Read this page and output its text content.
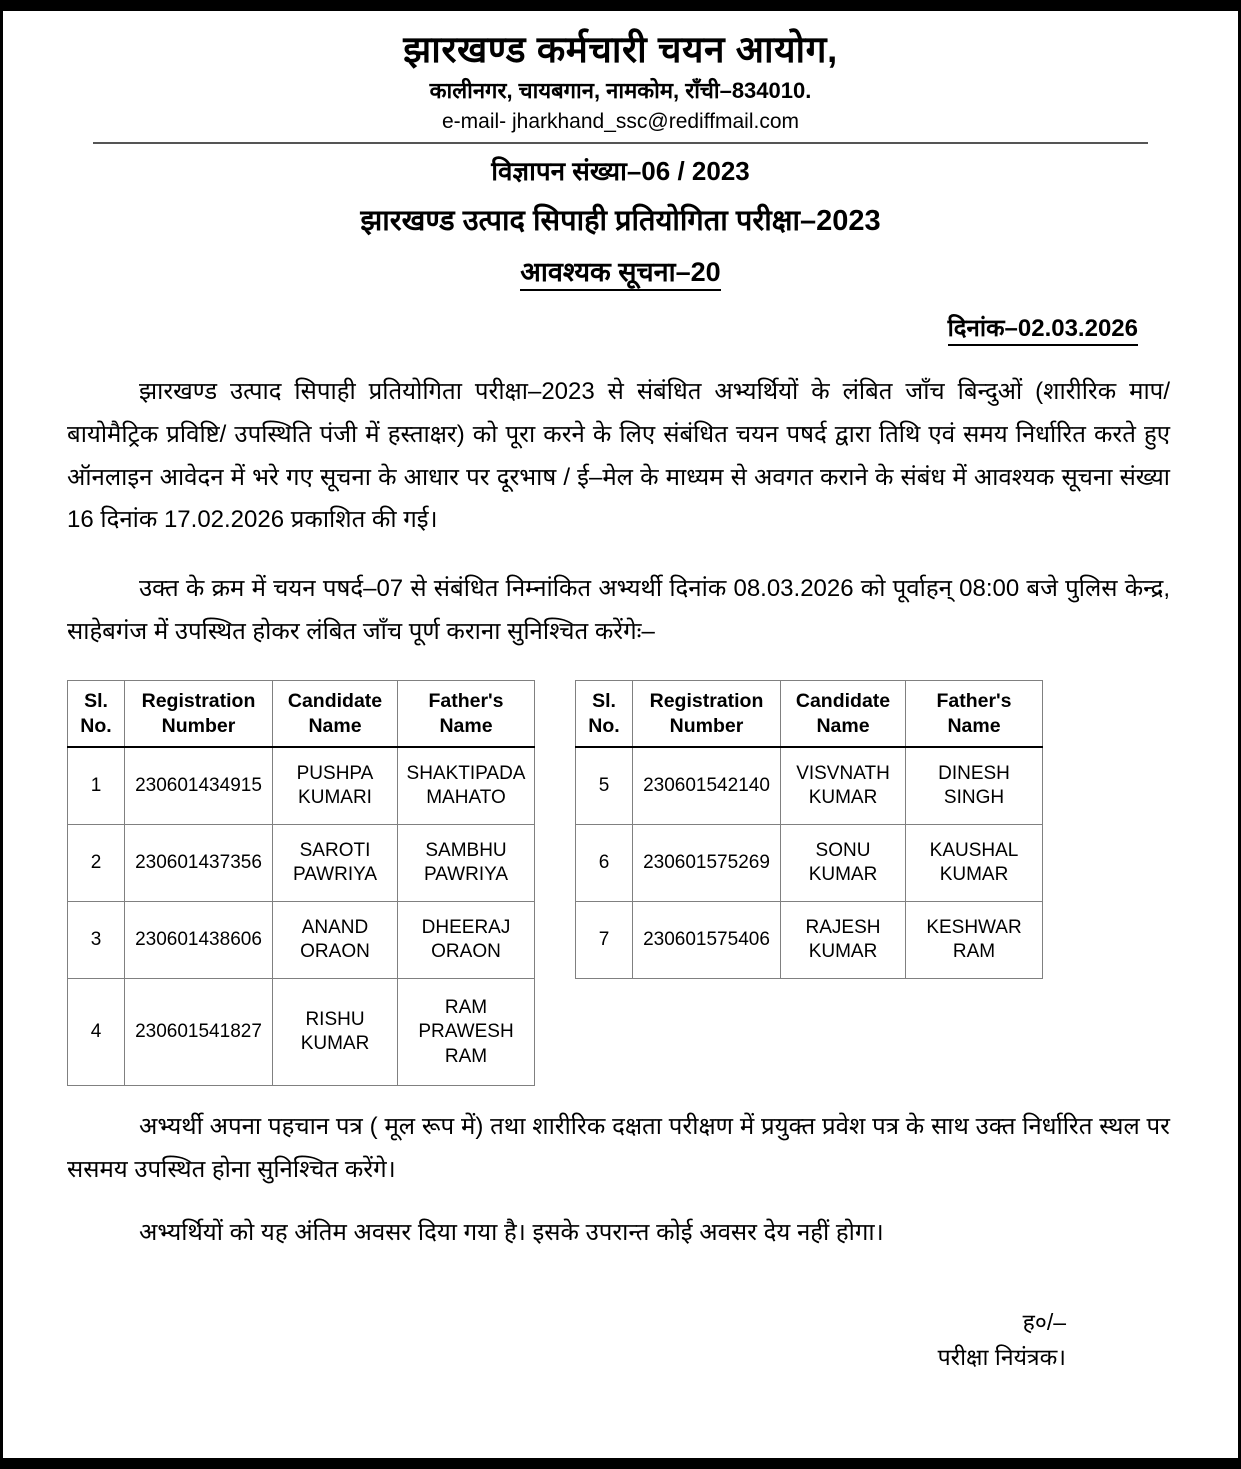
झारखण्ड कर्मचारी चयन आयोग,
कालीनगर, चायबगान, नामकोम, राँची–834010.
e-mail- jharkhand_ssc@rediffmail.com
विज्ञापन संख्या–06 / 2023
झारखण्ड उत्पाद सिपाही प्रतियोगिता परीक्षा–2023
आवश्यक सूचना–20
दिनांक–02.03.2026

झारखण्ड उत्पाद सिपाही प्रतियोगिता परीक्षा–2023 से संबंधित अभ्यर्थियों के लंबित जाँच बिन्दुओं (शारीरिक माप/ बायोमैट्रिक प्रविष्टि/ उपस्थिति पंजी में हस्ताक्षर) को पूरा करने के लिए संबंधित चयन पषर्द द्वारा तिथि एवं समय निर्धारित करते हुए ऑनलाइन आवेदन में भरे गए सूचना के आधार पर दूरभाष / ई–मेल के माध्यम से अवगत कराने के संबंध में आवश्यक सूचना संख्या 16 दिनांक 17.02.2026 प्रकाशित की गई।

उक्त के क्रम में चयन पषर्द–07 से संबंधित निम्नांकित अभ्यर्थी दिनांक 08.03.2026 को पूर्वाहन् 08:00 बजे पुलिस केन्द्र, साहेबगंज में उपस्थित होकर लंबित जाँच पूर्ण कराना सुनिश्चित करेंगेः–

Sl. No.	Registration Number	Candidate Name	Father's Name
1	230601434915	PUSHPA KUMARI	SHAKTIPADA MAHATO
2	230601437356	SAROTI PAWRIYA	SAMBHU PAWRIYA
3	230601438606	ANAND ORAON	DHEERAJ ORAON
4	230601541827	RISHU KUMAR	RAM PRAWESH RAM
Sl. No.	Registration Number	Candidate Name	Father's Name
5	230601542140	VISVNATH KUMAR	DINESH SINGH
6	230601575269	SONU KUMAR	KAUSHAL KUMAR
7	230601575406	RAJESH KUMAR	KESHWAR RAM

अभ्यर्थी अपना पहचान पत्र ( मूल रूप में) तथा शारीरिक दक्षता परीक्षण में प्रयुक्त प्रवेश पत्र के साथ उक्त निर्धारित स्थल पर ससमय उपस्थित होना सुनिश्चित करेंगे।

अभ्यर्थियों को यह अंतिम अवसर दिया गया है। इसके उपरान्त कोई अवसर देय नहीं होगा।

ह०/–
परीक्षा नियंत्रक।
